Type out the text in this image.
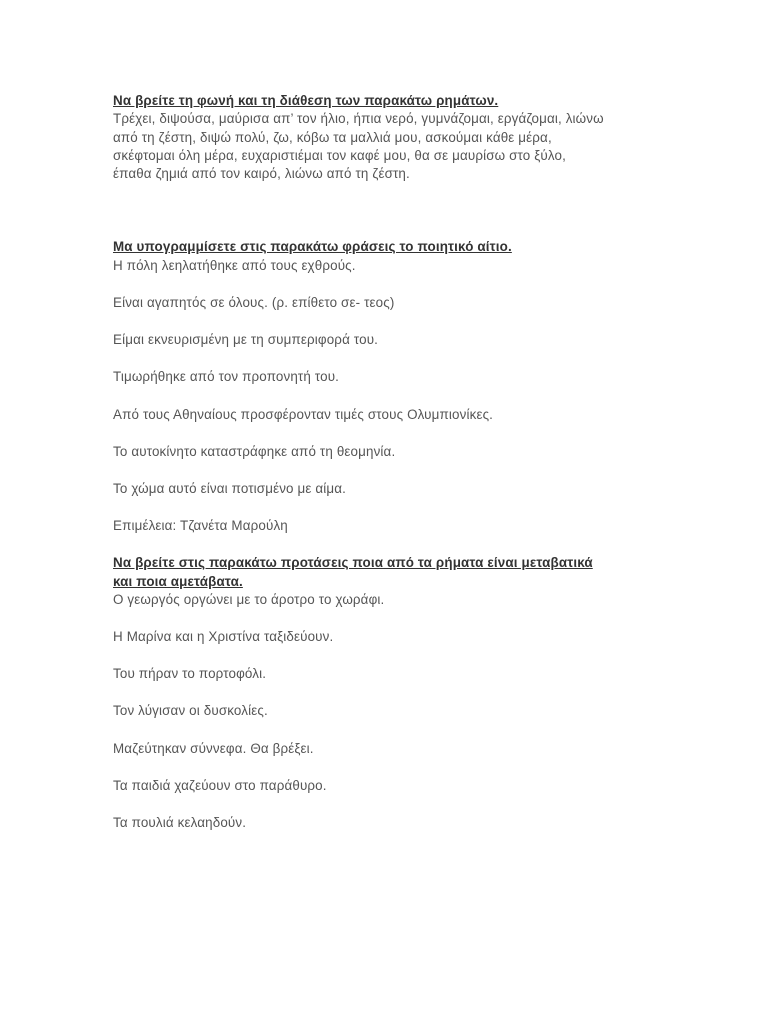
Να βρείτε τη φωνή και τη διάθεση των παρακάτω ρημάτων.

Τρέχει, διψούσα, μαύρισα απ’ τον ήλιο, ήπια νερό, γυμνάζομαι, εργάζομαι, λιώνω

από τη ζέστη, διψώ πολύ, ζω, κόβω τα μαλλιά μου, ασκούμαι κάθε μέρα,

σκέφτομαι όλη μέρα, ευχαριστιέμαι τον καφέ μου, θα σε μαυρίσω στο ξύλο,

έπαθα ζημιά από τον καιρό, λιώνω από τη ζέστη.

Μα υπογραμμίσετε στις παρακάτω φράσεις το ποιητικό αίτιο.

Η πόλη λεηλατήθηκε από τους εχθρούς.

Είναι αγαπητός σε όλους. (ρ. επίθετο σε- τεος)

Είμαι εκνευρισμένη με τη συμπεριφορά του.

Τιμωρήθηκε από τον προπονητή του.

Από τους Αθηναίους προσφέρονταν τιμές στους Ολυμπιονίκες.

Το αυτοκίνητο καταστράφηκε από τη θεομηνία.

Το χώμα αυτό είναι ποτισμένο με αίμα.

Επιμέλεια: Τζανέτα Μαρούλη

Να βρείτε στις παρακάτω προτάσεις ποια από τα ρήματα είναι μεταβατικά

και ποια αμετάβατα.

Ο γεωργός οργώνει με το άροτρο το χωράφι.

Η Μαρίνα και η Χριστίνα ταξιδεύουν.

Του πήραν το πορτοφόλι.

Τον λύγισαν οι δυσκολίες.

Μαζεύτηκαν σύννεφα. Θα βρέξει.

Τα παιδιά χαζεύουν στο παράθυρο.

Τα πουλιά κελαηδούν.
